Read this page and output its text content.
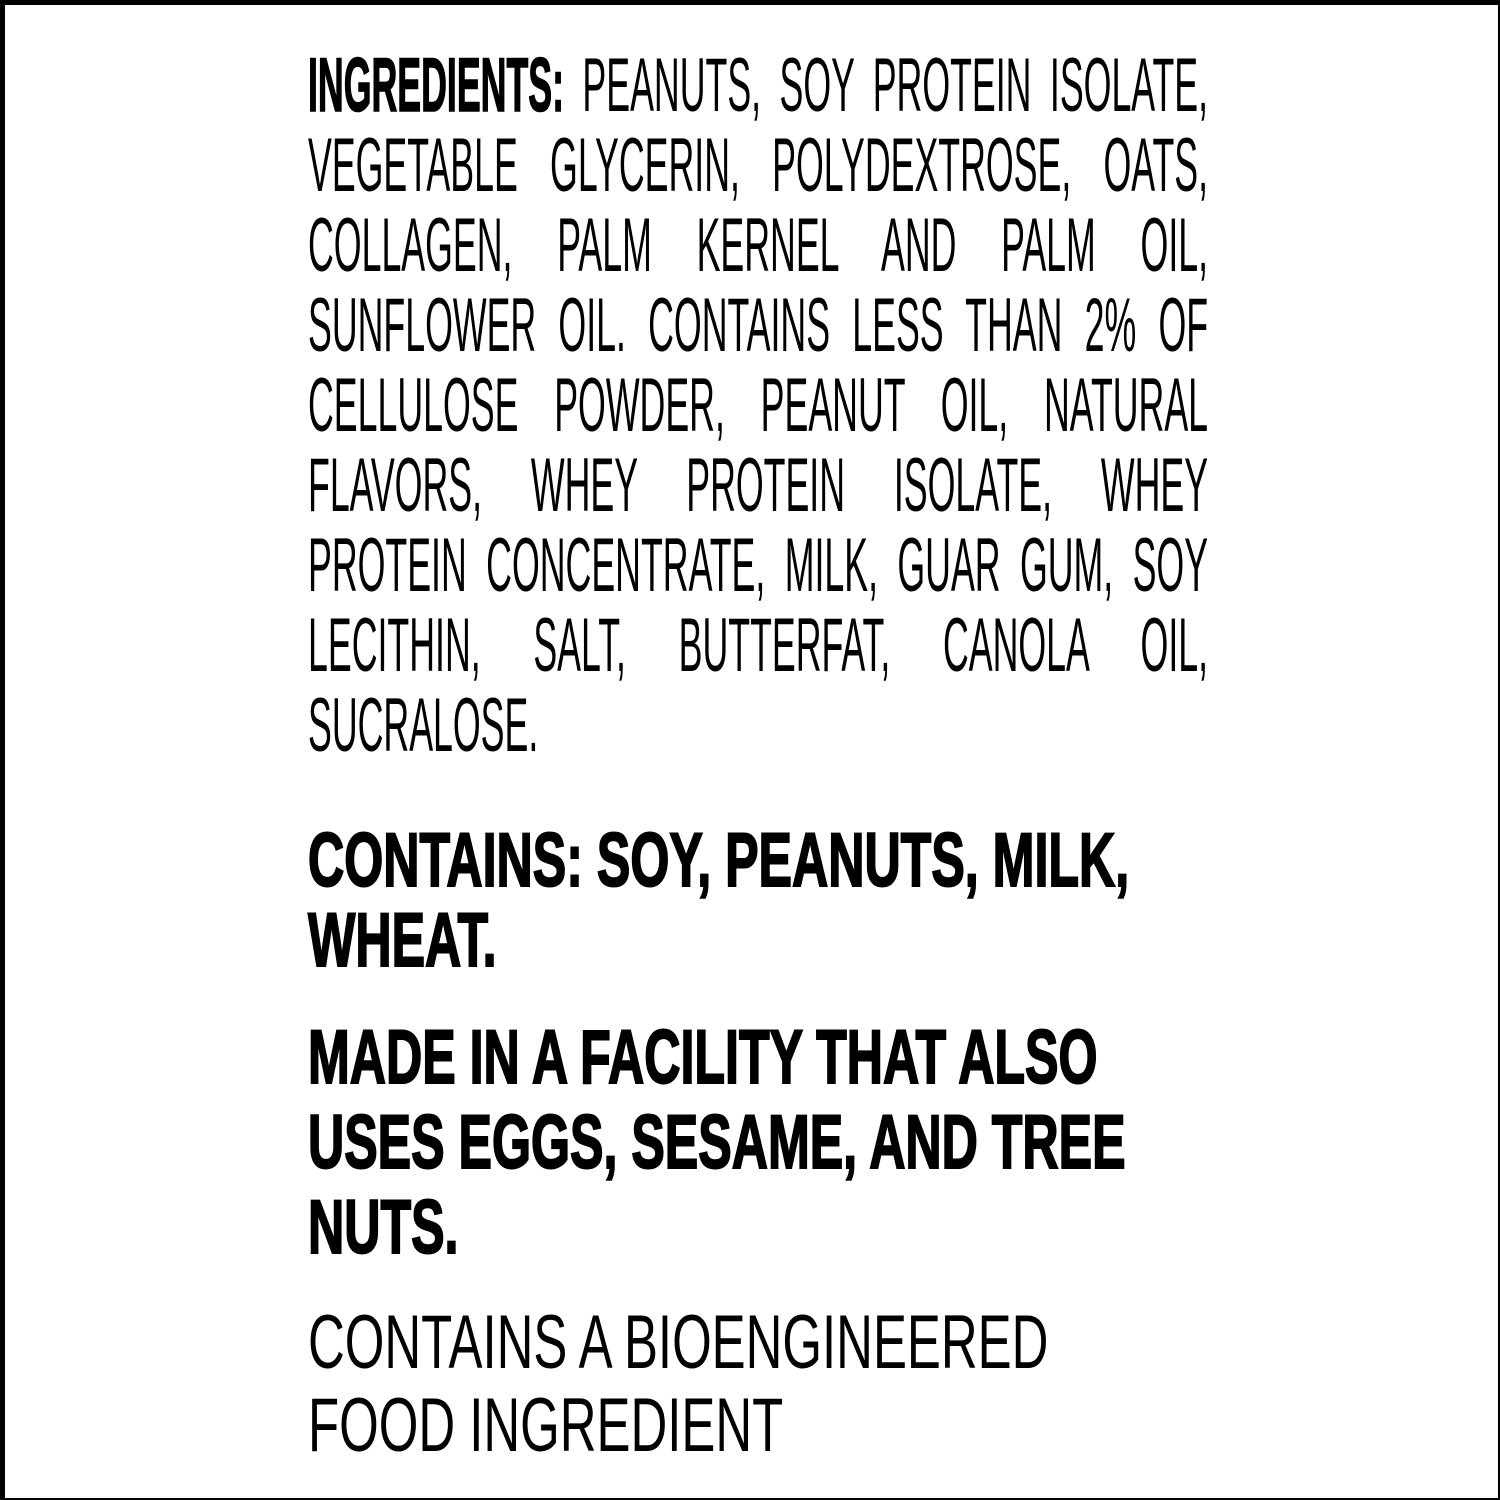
INGREDIENTS: PEANUTS, SOY PROTEIN ISOLATE,
VEGETABLE GLYCERIN, POLYDEXTROSE, OATS,
COLLAGEN, PALM KERNEL AND PALM OIL,
SUNFLOWER OIL. CONTAINS LESS THAN 2% OF
CELLULOSE POWDER, PEANUT OIL, NATURAL
FLAVORS, WHEY PROTEIN ISOLATE, WHEY
PROTEIN CONCENTRATE, MILK, GUAR GUM, SOY
LECITHIN, SALT, BUTTERFAT, CANOLA OIL,
SUCRALOSE.
CONTAINS: SOY, PEANUTS, MILK,
WHEAT.
MADE IN A FACILITY THAT ALSO
USES EGGS, SESAME, AND TREE
NUTS.
CONTAINS A BIOENGINEERED
FOOD INGREDIENT
